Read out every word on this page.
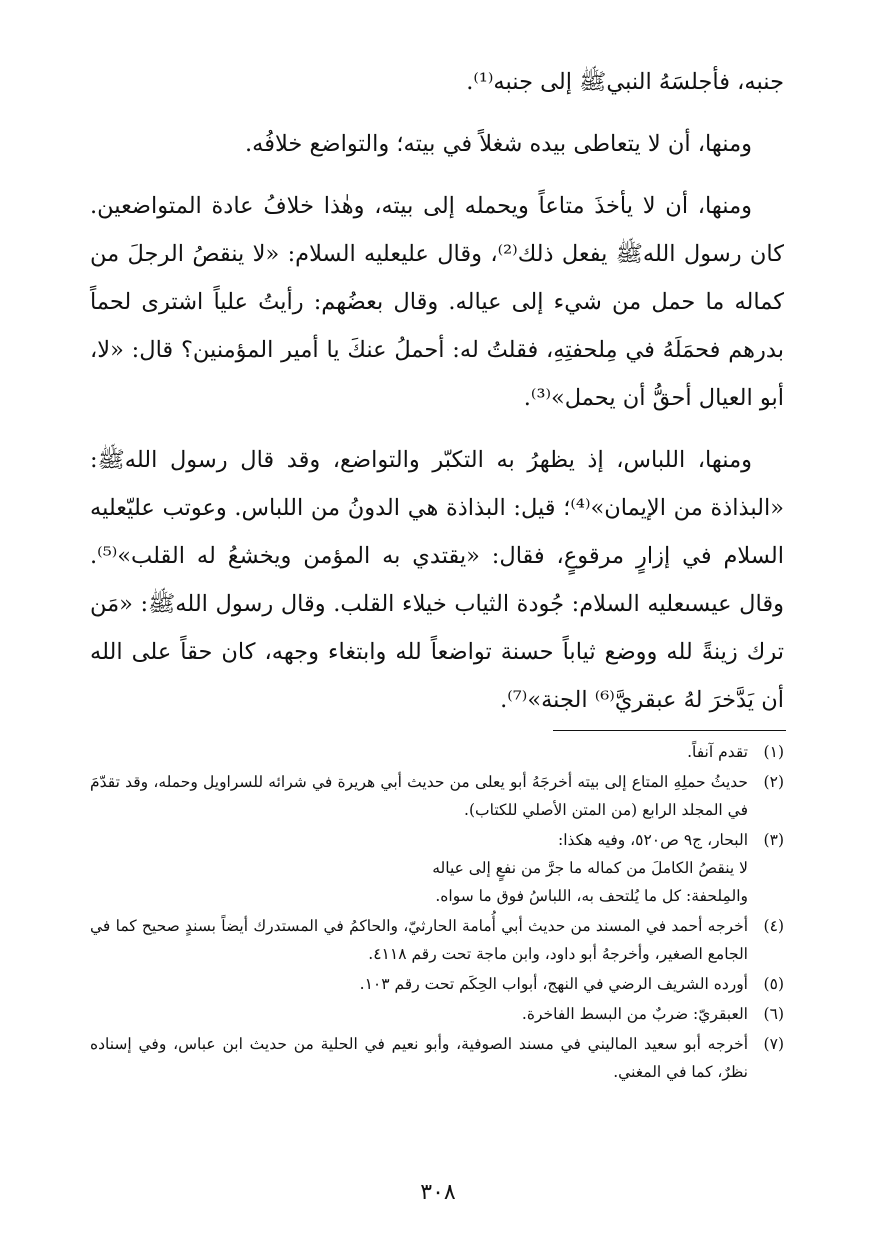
جنبه، فأجلسَهُ النبيﷺ إلى جنبه⁽¹⁾.

ومنها، أن لا يتعاطى بيده شغلاً في بيته؛ والتواضع خلافُه.

ومنها، أن لا يأخذَ متاعاً ويحمله إلى بيته، وهٰذا خلافُ عادة المتواضعين. كان رسول اللهﷺ يفعل ذلك⁽²⁾، وقال عليعليه السلام: «لا ينقصُ الرجلَ من كماله ما حمل من شيء إلى عياله. وقال بعضُهم: رأيتُ علياً اشترى لحماً بدرهم فحمَلَهُ في مِلحفتِهِ، فقلتُ له: أحملُ عنكَ يا أمير المؤمنين؟ قال: «لا، أبو العيال أحقُّ أن يحمل»⁽³⁾.

ومنها، اللباس، إذ يظهرُ به التكبّر والتواضع، وقد قال رسول اللهﷺ: «البذاذة من الإيمان»⁽⁴⁾؛ قيل: البذاذة هي الدونُ من اللباس. وعوتب عليّعليه السلام في إزارٍ مرقوعٍ، فقال: «يقتدي به المؤمن ويخشعُ له القلب»⁽⁵⁾. وقال عيسىعليه السلام: جُودة الثياب خيلاء القلب. وقال رسول اللهﷺ: «مَن ترك زينةً لله ووضع ثياباً حسنة تواضعاً لله وابتغاء وجهه، كان حقاً على الله أن يَدَّخرَ لهُ عبقريَّ⁽⁶⁾ الجنة»⁽⁷⁾.

(١)
تقدم آنفاً.
(٢)
حديثُ حملِهِ المتاع إلى بيته أخرجَهُ أبو يعلى من حديث أبي هريرة في شرائه للسراويل وحمله، وقد تقدّمَ في المجلد الرابع (من المتن الأصلي للكتاب).
(٣)
البحار، ج٩ ص٥٢٠، وفيه هكذا:
لا ينقصُ الكاملَ من كماله ما جرَّ من نفعٍ إلى عياله
والمِلحفة: كل ما يُلتحف به، اللباسُ فوق ما سواه.
(٤)
أخرجه أحمد في المسند من حديث أبي أُمامة الحارثيّ، والحاكمُ في المستدرك أيضاً بسندٍ صحيح كما في الجامع الصغير، وأخرجهُ أبو داود، وابن ماجة تحت رقم ٤١١٨.
(٥)
أورده الشريف الرضي في النهج، أبواب الحِكَم تحت رقم ١٠٣.
(٦)
العبقريّ: ضربٌ من البسط الفاخرة.
(٧)
أخرجه أبو سعيد الماليني في مسند الصوفية، وأبو نعيم في الحلية من حديث ابن عباس، وفي إسناده نظرٌ، كما في المغني.
٣٠٨
